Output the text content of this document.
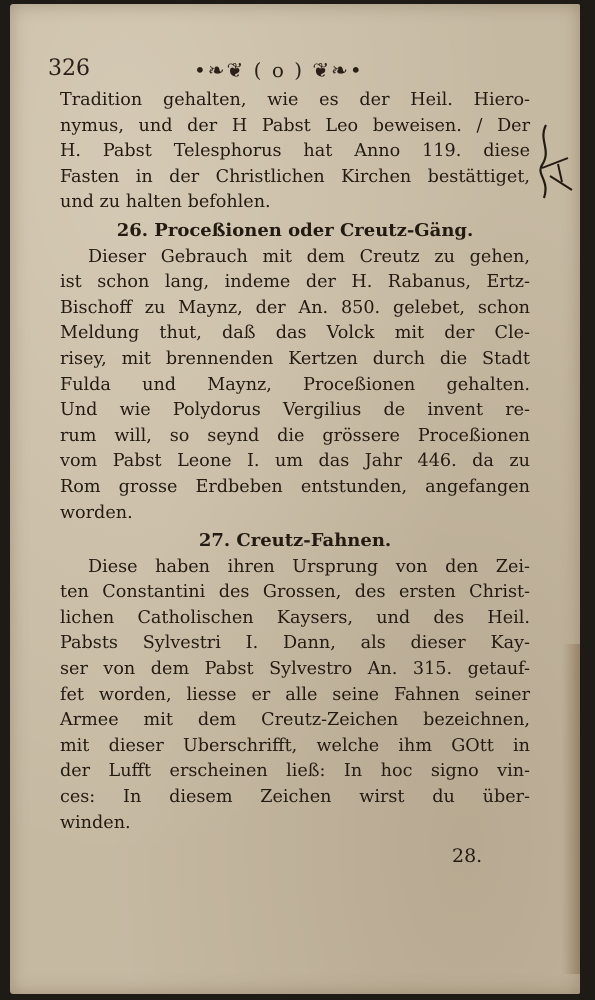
326	•❧❦ ( o ) ❦❧•
Tradition gehalten, wie es der Heil. Hiero-
nymus, und der H Pabst Leo beweisen. / Der
H. Pabst Telesphorus hat Anno 119. diese
Fasten in der Christlichen Kirchen bestättiget,
und zu halten befohlen.
26. Proceßionen oder Creutz-Gäng.
Dieser Gebrauch mit dem Creutz zu gehen,
ist schon lang, indeme der H. Rabanus, Ertz-
Bischoff zu Maynz, der An. 850. gelebet, schon
Meldung thut, daß das Volck mit der Cle-
risey, mit brennenden Kertzen durch die Stadt
Fulda und Maynz, Proceßionen gehalten.
Und wie Polydorus Vergilius de invent re-
rum will, so seynd die grössere Proceßionen
vom Pabst Leone I. um das Jahr 446. da zu
Rom grosse Erdbeben entstunden, angefangen
worden.
27. Creutz-Fahnen.
Diese haben ihren Ursprung von den Zei-
ten Constantini des Grossen, des ersten Christ-
lichen Catholischen Kaysers, und des Heil.
Pabsts Sylvestri I. Dann, als dieser Kay-
ser von dem Pabst Sylvestro An. 315. getauf-
fet worden, liesse er alle seine Fahnen seiner
Armee mit dem Creutz-Zeichen bezeichnen,
mit dieser Uberschrifft, welche ihm GOtt in
der Lufft erscheinen ließ: In hoc signo vin-
ces: In diesem Zeichen wirst du über-
winden.
28.
